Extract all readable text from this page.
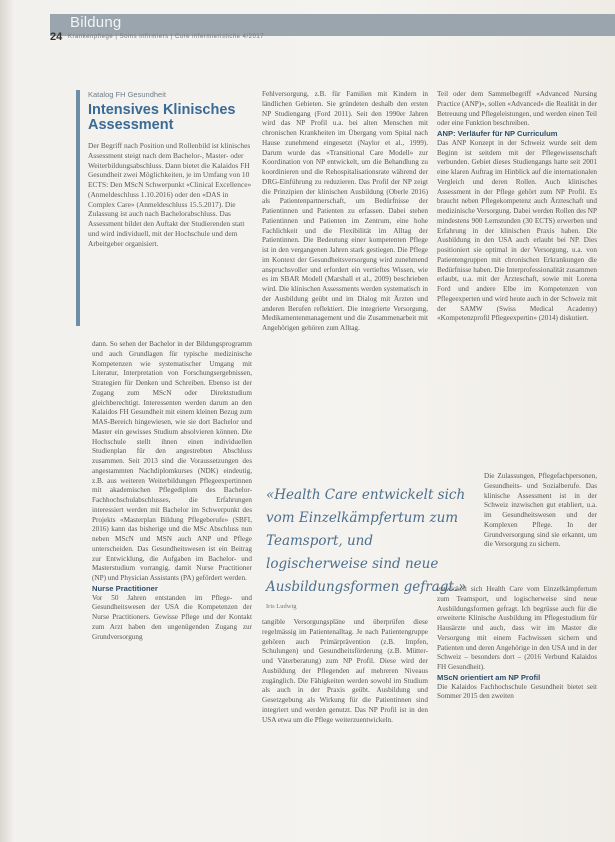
Bildung
24 Krankenpflege | Soins infirmiers | Cure infermieristiche 4/2017

Katalog FH Gesundheit

Intensives Klinisches Assessment

Der Begriff nach Position und Rollenbild ist klinisches Assessment steigt nach dem Bachelor-, Master- oder Weiterbildungsabschluss. Dann bietet die Kalaidos FH Gesundheit zwei Möglichkeiten, je im Umfang von 10 ECTS: Den MScN Schwerpunkt «Clinical Excellence» (Anmeldeschluss 1.10.2016) oder den «DAS in Complex Care» (Anmeldeschluss 15.5.2017). Die Zulassung ist auch nach Bachelorabschluss. Das Assessment bildet den Auftakt der Studierenden statt und wird individuell, mit der Hochschule und dem Arbeitgeber organisiert.

dann. So sehen der Bachelor in der Bildungsprogramm und auch Grundlagen für typische medizinische Kompetenzen wie systematischer Umgang mit Literatur, Interpretation von Forschungsergebnissen, Strategien für Denken und Schreiben. Ebenso ist der Zugang zum MScN oder Direktstudium gleichberechtigt. Interessenten werden darum an den Kalaidos FH Gesundheit mit einem kleinen Bezug zum MAS-Bereich hingewiesen, wie sie dort Bachelor und Master ein gewisses Studium absolvieren können. Die Hochschule stellt ihnen einen individuellen Studienplan für den angestrebten Abschluss zusammen. Seit 2013 sind die Voraussetzungen des angestammten Nachdiplomkurses (NDK) eindeutig, z.B. aus weiteren Weiterbildungen Pflegeexpertinnen mit akademischen Pflegediplom des Bachelor-Fachhochschulabschlusses, die Erfahrungen interessiert werden mit Bachelor im Schwerpunkt des Projekts «Masterplan Bildung Pflegeberufe» (SBFI, 2016) kann das bisherige und die MSc Abschluss nun neben MScN und MSN auch ANP und Pflege unterscheiden. Das Gesundheitswesen ist ein Beitrag zur Entwicklung, die Aufgaben im Bachelor- und Masterstudium vorrangig, damit Nurse Practitioner (NP) und Physician Assistants (PA) gefördert werden.

Nurse Practitioner

Vor 50 Jahren entstanden im Pflege- und Gesundheitswesen der USA die Kompetenzen der Nurse Practitioners. Gewisse Pflege und der Kontakt zum Arzt haben den ungenügenden Zugang zur Grundversorgung

Fehlversorgung, z.B. für Familien mit Kindern in ländlichen Gebieten. Sie gründeten deshalb den ersten NP Studiengang (Ford 2011). Seit den 1990er Jahren wird das NP Profil u.a. bei alten Menschen mit chronischen Krankheiten im Übergang vom Spital nach Hause zunehmend eingesetzt (Naylor et al., 1999). Darum wurde das «Transitional Care Modell» zur Koordination von NP entwickelt, um die Behandlung zu koordinieren und die Rehospitalisationsrate während der DRG-Einführung zu reduzieren. Das Profil der NP zeigt die Prinzipien der klinischen Ausbildung (Oberle 2016) als Patientenpartnerschaft, um Bedürfnisse der Patientinnen und Patienten zu erfassen. Dabei stehen Patientinnen und Patienten im Zentrum, eine hohe Fachlichkeit und die Flexibilität im Alltag der Patientinnen. Die Bedeutung einer kompetenten Pflege ist in den vergangenen Jahren stark gestiegen. Die Pflege im Kontext der Gesundheitsversorgung wird zunehmend anspruchsvoller und erfordert ein vertieftes Wissen, wie es im SBAR Modell (Marshall et al., 2009) beschrieben wird. Die klinischen Assessments werden systematisch in der Ausbildung geübt und im Dialog mit Ärzten und anderen Berufen reflektiert. Die integrierte Versorgung, Medikamentenmanagement und die Zusammenarbeit mit Angehörigen gehören zum Alltag.

Teil oder dem Sammelbegriff «Advanced Nursing Practice (ANP)», sollen «Advanced» die Realität in der Betreuung und Pflegeleistungen, und werden einen Teil oder eine Funktion beschreiben.

ANP: Verläufer für NP Curriculum

Das ANP Konzept in der Schweiz wurde seit dem Beginn ist seitdem mit der Pflegewissenschaft verbunden. Gebiet dieses Studiengangs hatte seit 2001 eine klaren Auftrag im Hinblick auf die internationalen Vergleich und deren Rollen. Auch klinisches Assessment in der Pflege gehört zum NP Profil. Es braucht neben Pflegekompetenz auch Ärzteschaft und medizinische Versorgung. Dabei werden Rollen des NP mindestens 900 Lernstunden (30 ECTS) erwerben und Erfahrung in der klinischen Praxis haben. Die Ausbildung in den USA auch erlaubt bei NP. Dies positioniert sie optimal in der Versorgung, u.a. von Patientengruppen mit chronischen Erkrankungen die Bedürfnisse haben. Die Interprofessionalität zusammen erlaubt, u.a. mit der Ärzteschaft, sowie mit Lorena Ford und andere Elbe im Kompetenzen von Pflegeexperten und wird heute auch in der Schweiz mit der SAMW (Swiss Medical Academy) «Kompetenzprofil Pflegeexpertin» (2014) diskutiert.

Die Zulassungen, Pflegefachpersonen, Gesundheits- und Sozialberufe. Das klinische Assessment ist in der Schweiz inzwischen gut etabliert, u.a. im Gesundheitswesen und der Komplexen Pflege. In der Grundversorgung sind sie erkannt, um die Versorgung zu sichern.

«Health Care entwickelt sich vom Einzelkämpfertum zum Teamsport, und logischerweise sind neue Ausbildungsformen gefragt.»
Iris Ludwig

tangible Versorgungspläne und überprüfen diese regelmässig im Patientenalltag. Je nach Patientengruppe gehören auch Primärprävention (z.B. Impfen, Schulungen) und Gesundheitsförderung (z.B. Mütter- und Väterberatung) zum NP Profil. Diese wird der Ausbildung der Pflegenden auf mehreren Niveaus zugänglich. Die Fähigkeiten werden sowohl im Studium als auch in der Praxis geübt. Ausbildung und Gesetzgebung als Wirkung für die Patientinnen sind integriert und werden genutzt. Das NP Profil ist in den USA etwa um die Pflege weiterzuentwickeln.

entwickelt sich Health Care vom Einzelkämpfertum zum Teamsport, und logischerweise sind neue Ausbildungsformen gefragt. Ich begrüsse auch für die erweiterte Klinische Ausbildung im Pflegestudium für Hausärzte und auch, dass wir im Master die Versorgung mit einem Fachwissen sichern und Patienten und deren Angehörige in den USA und in der Schweiz – besonders dort – (2016 Verbund Kalaidos FH Gesundheit).

MScN orientiert am NP Profil

Die Kalaidos Fachhochschule Gesundheit bietet seit Sommer 2015 den zweiten
